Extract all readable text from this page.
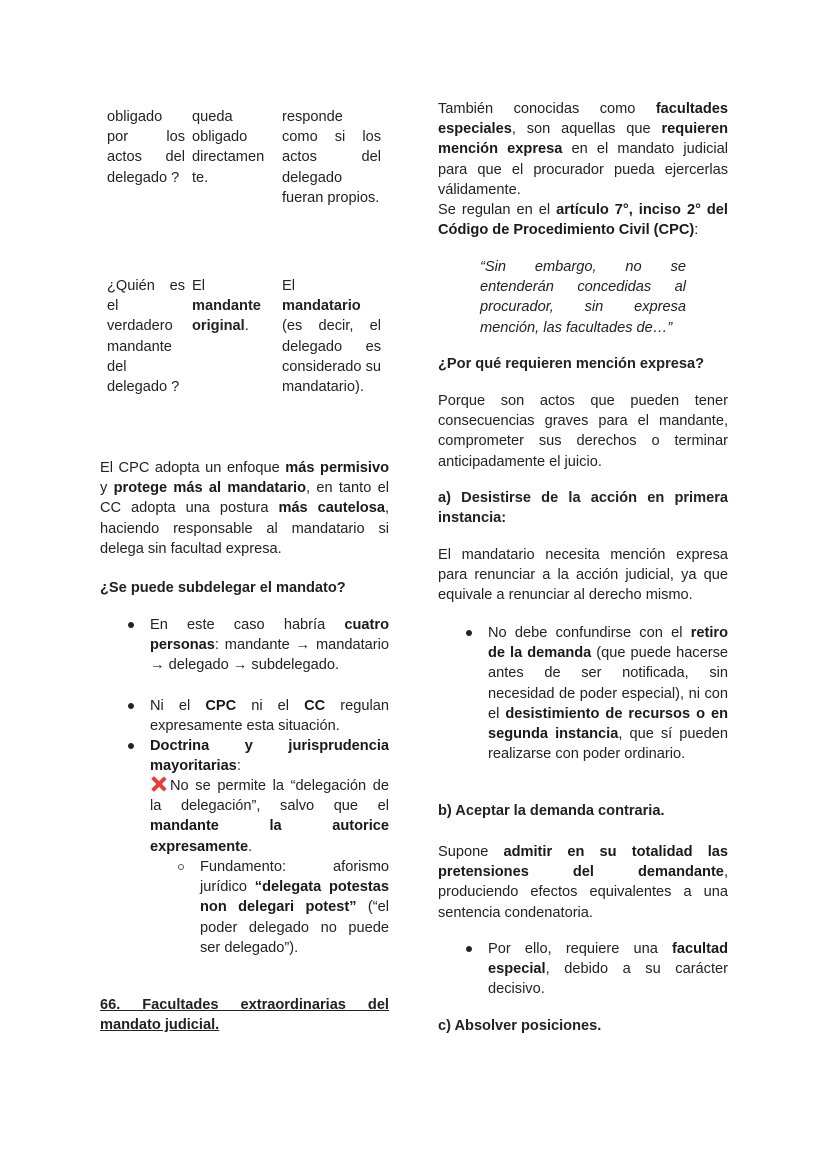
obligado por los actos del delegado ?

queda obligado directamen te.

responde como si los actos del delegado fueran propios.

¿Quién es el verdadero mandante del delegado ?

El
mandante original.

El
mandatario
(es decir, el delegado es considerado su mandatario).

El CPC adopta un enfoque más permisivo y protege más al mandatario, en tanto el CC adopta una postura más cautelosa, haciendo responsable al mandatario si delega sin facultad expresa.

¿Se puede subdelegar el mandato?

En este caso habría cuatro personas: mandante → mandatario → delegado → subdelegado.

Ni el CPC ni el CC regulan expresamente esta situación.

Doctrina y jurisprudencia mayoritarias:

No se permite la “delegación de la delegación”, salvo que el mandante la autorice expresamente.

Fundamento: aforismo jurídico “delegata potestas non delegari potest” (“el poder delegado no puede ser delegado”).

66. Facultades extraordinarias del mandato judicial.

También conocidas como facultades especiales, son aquellas que requieren mención expresa en el mandato judicial para que el procurador pueda ejercerlas válidamente.

Se regulan en el artículo 7°, inciso 2° del Código de Procedimiento Civil (CPC):

“Sin embargo, no se entenderán concedidas al procurador, sin expresa mención, las facultades de…”

¿Por qué requieren mención expresa?

Porque son actos que pueden tener consecuencias graves para el mandante, comprometer sus derechos o terminar anticipadamente el juicio.

a) Desistirse de la acción en primera instancia:

El mandatario necesita mención expresa para renunciar a la acción judicial, ya que equivale a renunciar al derecho mismo.

No debe confundirse con el retiro de la demanda (que puede hacerse antes de ser notificada, sin necesidad de poder especial), ni con el desistimiento de recursos o en segunda instancia, que sí pueden realizarse con poder ordinario.

b) Aceptar la demanda contraria.

Supone admitir en su totalidad las pretensiones del demandante, produciendo efectos equivalentes a una sentencia condenatoria.

Por ello, requiere una facultad especial, debido a su carácter decisivo.

c) Absolver posiciones.
